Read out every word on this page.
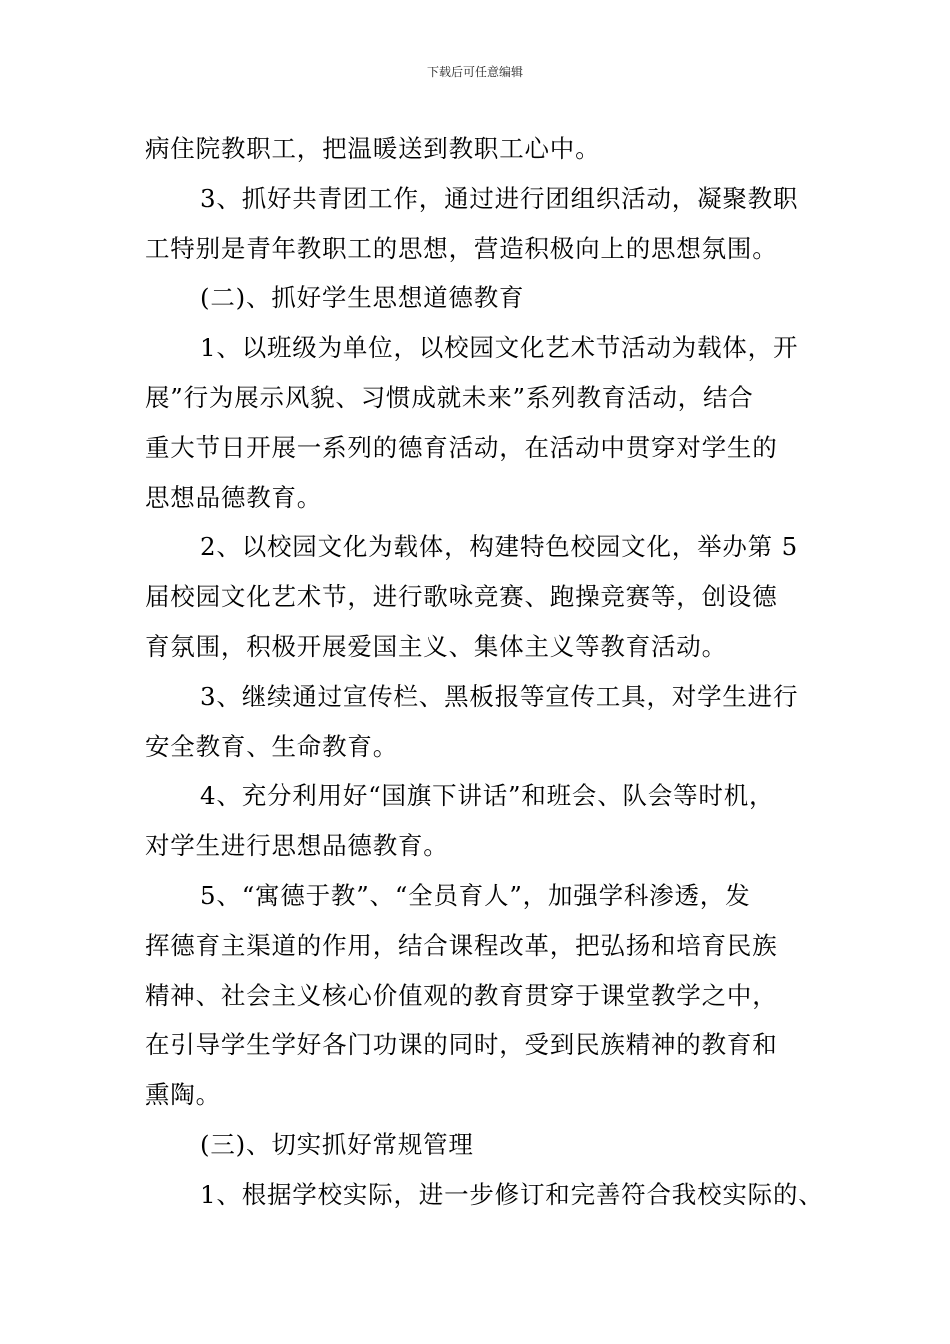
下载后可任意编辑

病住院教职工，把温暖送到教职工心中。

3、抓好共青团工作，通过进行团组织活动，凝聚教职
工特别是青年教职工的思想，营造积极向上的思想氛围。

(二)、抓好学生思想道德教育

1、以班级为单位，以校园文化艺术节活动为载体，开
展”行为展示风貌、习惯成就未来”系列教育活动，结合
重大节日开展一系列的德育活动，在活动中贯穿对学生的
思想品德教育。

2、以校园文化为载体，构建特色校园文化，举办第 5
届校园文化艺术节，进行歌咏竞赛、跑操竞赛等，创设德
育氛围，积极开展爱国主义、集体主义等教育活动。

3、继续通过宣传栏、黑板报等宣传工具，对学生进行
安全教育、生命教育。

4、充分利用好“国旗下讲话”和班会、队会等时机，
对学生进行思想品德教育。

5、“寓德于教”、“全员育人”，加强学科渗透，发
挥德育主渠道的作用，结合课程改革，把弘扬和培育民族
精神、社会主义核心价值观的教育贯穿于课堂教学之中，
在引导学生学好各门功课的同时，受到民族精神的教育和
熏陶。

(三)、切实抓好常规管理

1、根据学校实际，进一步修订和完善符合我校实际的、
